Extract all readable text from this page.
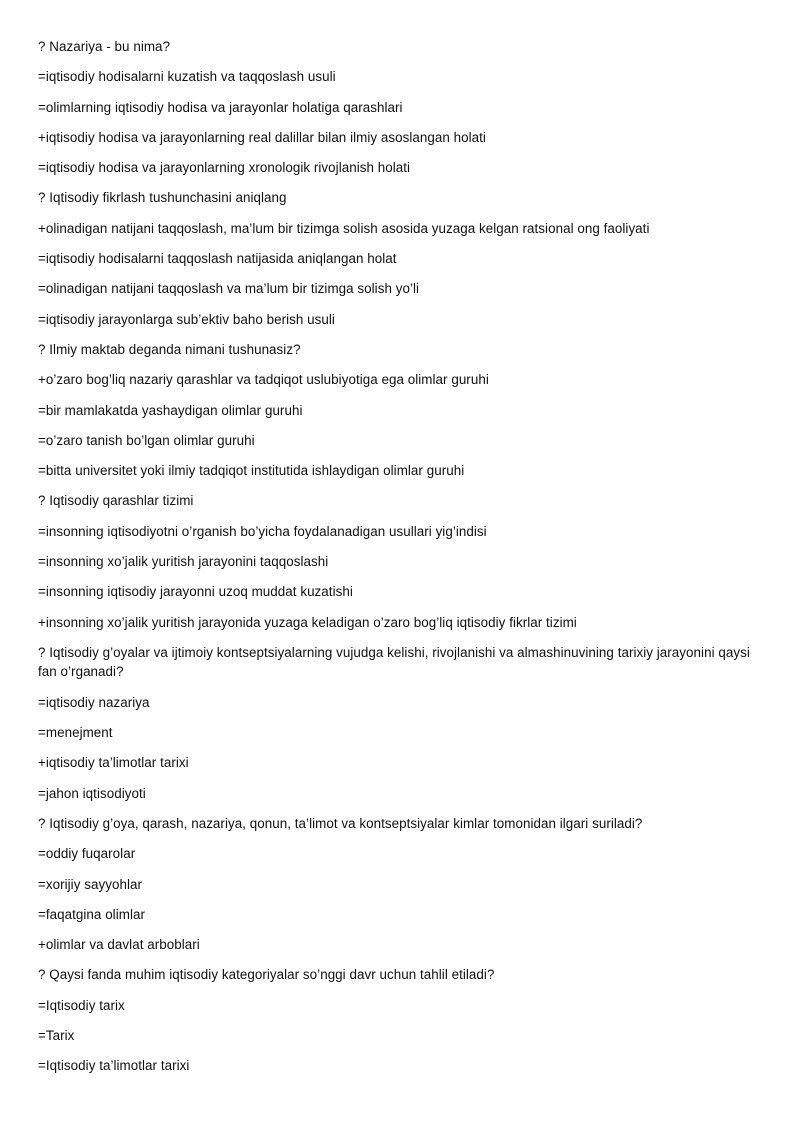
? Nazariya - bu nima?
=iqtisodiy hodisalarni kuzatish va taqqoslash usuli
=olimlarning iqtisodiy hodisa va jarayonlar holatiga qarashlari
+iqtisodiy hodisa va jarayonlarning real dalillar bilan ilmiy asoslangan holati
=iqtisodiy hodisa va jarayonlarning xronologik rivojlanish holati
? Iqtisodiy fikrlash tushunchasini aniqlang
+olinadigan natijani taqqoslash, ma’lum bir tizimga solish asosida yuzaga kelgan ratsional ong faoliyati
=iqtisodiy hodisalarni taqqoslash natijasida aniqlangan holat
=olinadigan natijani taqqoslash va ma’lum bir tizimga solish yo’li
=iqtisodiy jarayonlarga sub’ektiv baho berish usuli
? Ilmiy maktab deganda nimani tushunasiz?
+o’zaro bog’liq nazariy qarashlar va tadqiqot uslubiyotiga ega olimlar guruhi
=bir mamlakatda yashaydigan olimlar guruhi
=o’zaro tanish bo’lgan olimlar guruhi
=bitta universitet yoki ilmiy tadqiqot institutida ishlaydigan olimlar guruhi
? Iqtisodiy qarashlar tizimi
=insonning iqtisodiyotni o’rganish bo’yicha foydalanadigan usullari yig’indisi
=insonning xo’jalik yuritish jarayonini taqqoslashi
=insonning iqtisodiy jarayonni uzoq muddat kuzatishi
+insonning xo’jalik yuritish jarayonida yuzaga keladigan o’zaro bog’liq iqtisodiy fikrlar tizimi
? Iqtisodiy g’oyalar va ijtimoiy kontseptsiyalarning vujudga kelishi, rivojlanishi va almashinuvining tarixiy jarayonini qaysi fan o’rganadi?
=iqtisodiy nazariya
=menejment
+iqtisodiy ta’limotlar tarixi
=jahon iqtisodiyoti
? Iqtisodiy g’oya, qarash, nazariya, qonun, ta’limot va kontseptsiyalar kimlar tomonidan ilgari suriladi?
=oddiy fuqarolar
=xorijiy sayyohlar
=faqatgina olimlar
+olimlar va davlat arboblari
? Qaysi fanda muhim iqtisodiy kategoriyalar so’nggi davr uchun tahlil etiladi?
=Iqtisodiy tarix
=Tarix
=Iqtisodiy ta’limotlar tarixi
